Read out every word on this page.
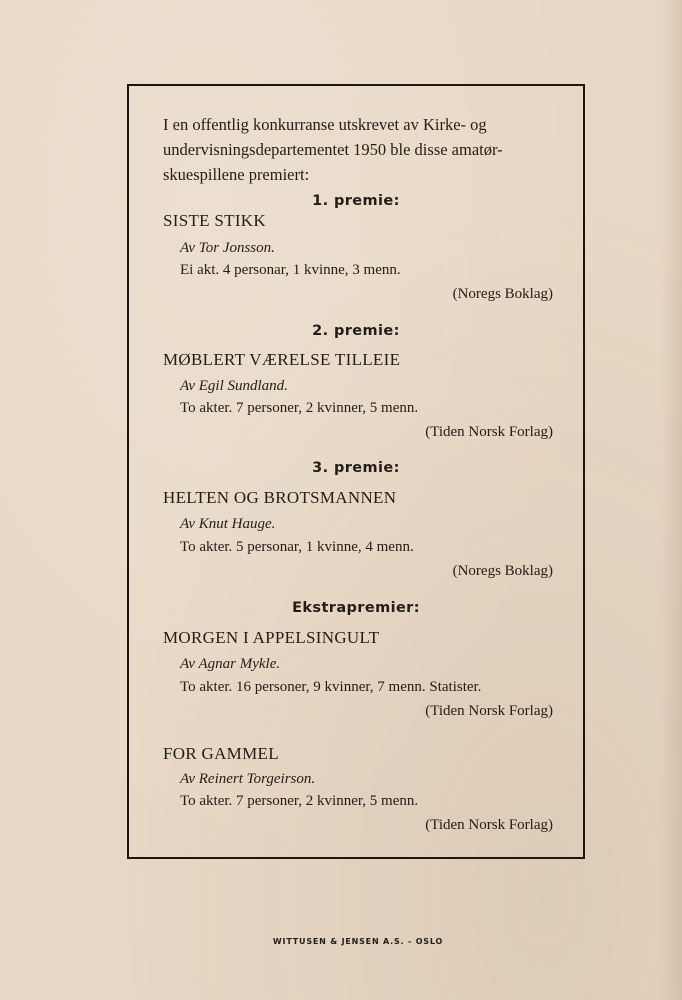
I en offentlig konkurranse utskrevet av Kirke- og
undervisningsdepartementet 1950 ble disse amatør-
skuespillene premiert:
1. premie:
SISTE STIKK
Av Tor Jonsson.
Ei akt. 4 personar, 1 kvinne, 3 menn.
(Noregs Boklag)
2. premie:
MØBLERT VÆRELSE TILLEIE
Av Egil Sundland.
To akter. 7 personer, 2 kvinner, 5 menn.
(Tiden Norsk Forlag)
3. premie:
HELTEN OG BROTSMANNEN
Av Knut Hauge.
To akter. 5 personar, 1 kvinne, 4 menn.
(Noregs Boklag)
Ekstrapremier:
MORGEN I APPELSINGULT
Av Agnar Mykle.
To akter. 16 personer, 9 kvinner, 7 menn. Statister.
(Tiden Norsk Forlag)
FOR GAMMEL
Av Reinert Torgeirson.
To akter. 7 personer, 2 kvinner, 5 menn.
(Tiden Norsk Forlag)
WITTUSEN & JENSEN A.S. - OSLO
